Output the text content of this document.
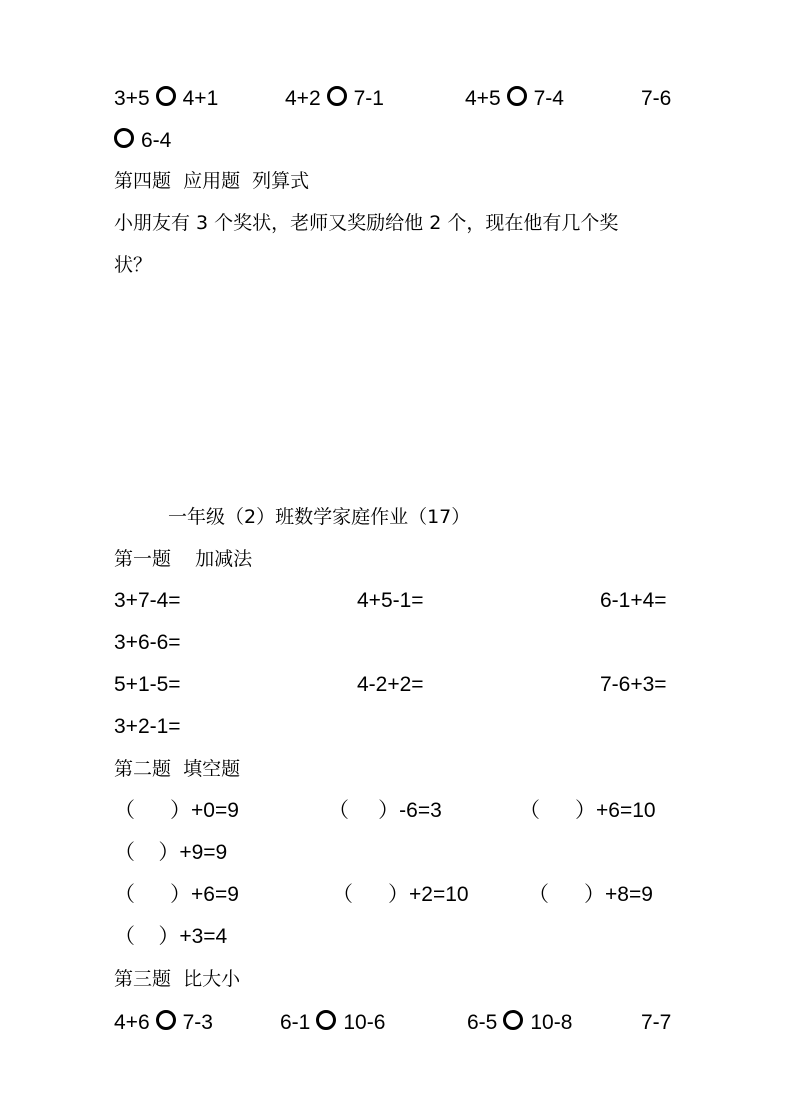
3+5 4+1	4+2 7-1	4+5 7-4	7-6
6-4
第四题  应用题  列算式
小朋友有 3 个奖状，老师又奖励给他 2 个，现在他有几个奖
状？
一年级（2）班数学家庭作业（17）
第一题    加减法
3+7-4=	4+5-1=	6-1+4=
3+6-6=
5+1-5=	4-2+2=	7-6+3=
3+2-1=
第二题  填空题
（      ）+0=9	（     ）-6=3	（      ）+6=10
（    ）+9=9
（      ）+6=9	（      ）+2=10	（      ）+8=9
（    ）+3=4
第三题  比大小
4+6 7-3	6-1 10-6	6-5 10-8	7-7
